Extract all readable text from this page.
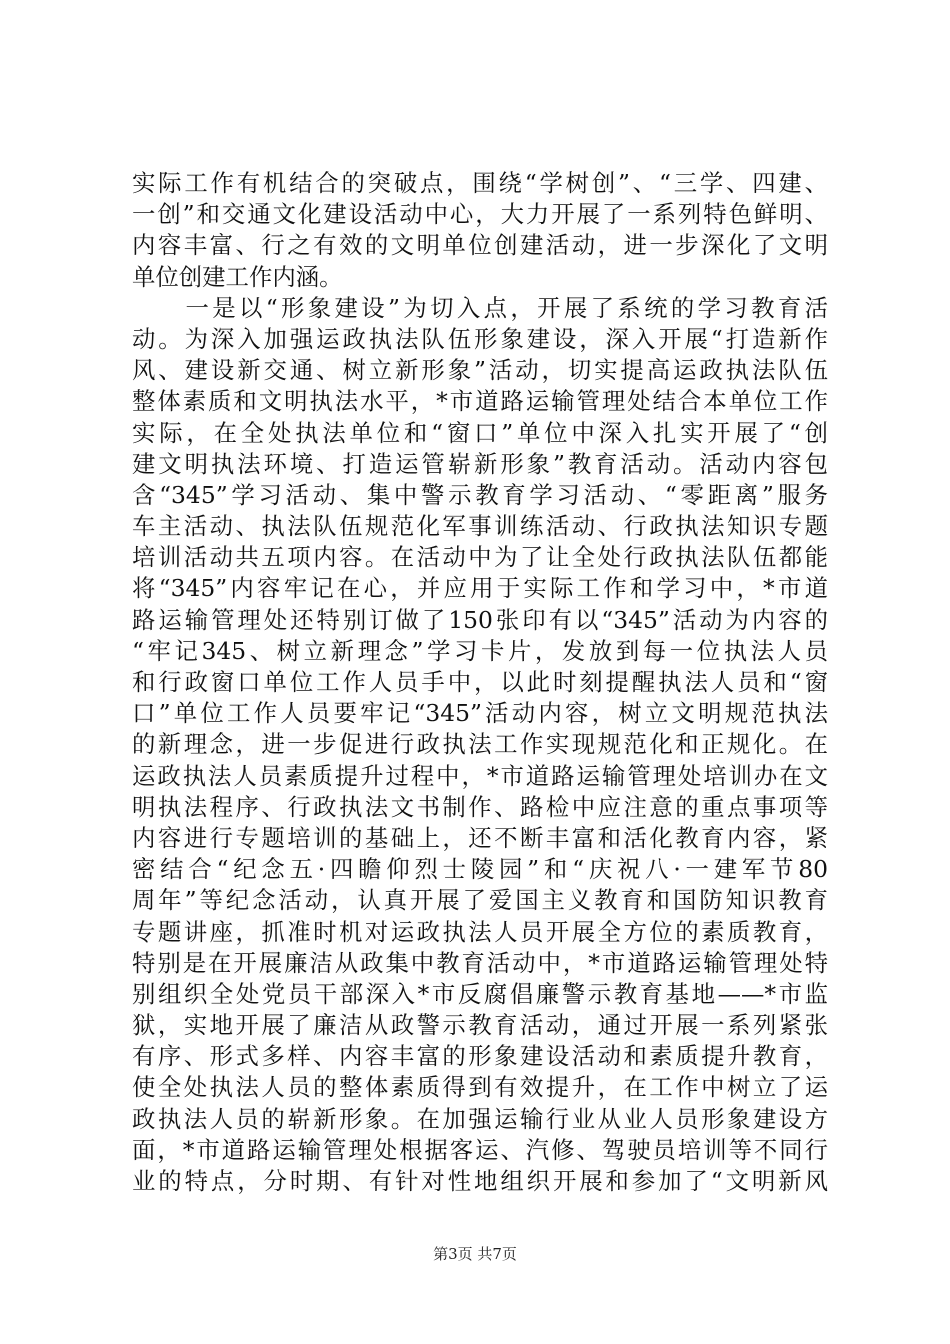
实际工作有机结合的突破点，围绕“学树创”、“三学、四建、
一创”和交通文化建设活动中心，大力开展了一系列特色鲜明、
内容丰富、行之有效的文明单位创建活动，进一步深化了文明
单位创建工作内涵。
　　一是以“形象建设”为切入点，开展了系统的学习教育活
动。为深入加强运政执法队伍形象建设，深入开展“打造新作
风、建设新交通、树立新形象”活动，切实提高运政执法队伍
整体素质和文明执法水平，*市道路运输管理处结合本单位工作
实际，在全处执法单位和“窗口”单位中深入扎实开展了“创
建文明执法环境、打造运管崭新形象”教育活动。活动内容包
含“345”学习活动、集中警示教育学习活动、“零距离”服务
车主活动、执法队伍规范化军事训练活动、行政执法知识专题
培训活动共五项内容。在活动中为了让全处行政执法队伍都能
将“345”内容牢记在心，并应用于实际工作和学习中，*市道
路运输管理处还特别订做了150张印有以“345”活动为内容的
“牢记345、树立新理念”学习卡片，发放到每一位执法人员
和行政窗口单位工作人员手中，以此时刻提醒执法人员和“窗
口”单位工作人员要牢记“345”活动内容，树立文明规范执法
的新理念，进一步促进行政执法工作实现规范化和正规化。在
运政执法人员素质提升过程中，*市道路运输管理处培训办在文
明执法程序、行政执法文书制作、路检中应注意的重点事项等
内容进行专题培训的基础上，还不断丰富和活化教育内容，紧
密结合“纪念五·四瞻仰烈士陵园”和“庆祝八·一建军节80
周年”等纪念活动，认真开展了爱国主义教育和国防知识教育
专题讲座，抓准时机对运政执法人员开展全方位的素质教育，
特别是在开展廉洁从政集中教育活动中，*市道路运输管理处特
别组织全处党员干部深入*市反腐倡廉警示教育基地——*市监
狱，实地开展了廉洁从政警示教育活动，通过开展一系列紧张
有序、形式多样、内容丰富的形象建设活动和素质提升教育，
使全处执法人员的整体素质得到有效提升，在工作中树立了运
政执法人员的崭新形象。在加强运输行业从业人员形象建设方
面，*市道路运输管理处根据客运、汽修、驾驶员培训等不同行
业的特点，分时期、有针对性地组织开展和参加了“文明新风
第3页 共7页
